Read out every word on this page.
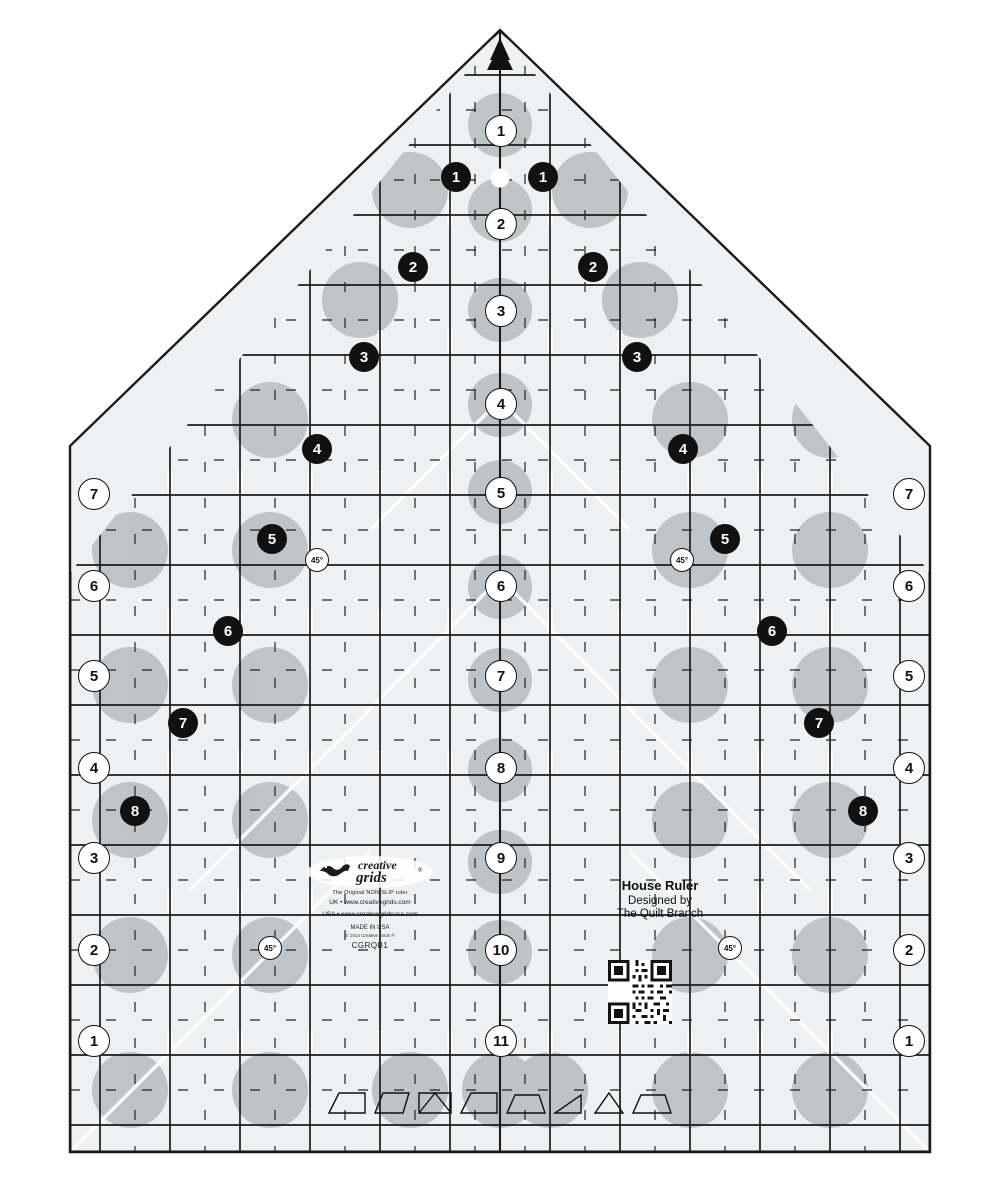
1
2
3
4
5
6
7
8
9
10
11
7
6
5
4
3
2
1
7
6
5
4
3
2
1
1
2
3
4
5
6
7
8
1
2
3
4
5
6
7
8
45°	45°
45°	45°
creative
grids	®
The Original NON-SLIP ruler
UK • www.creativegrids.com
USA • www.creativegridsusa.com
MADE IN USA
© 2014 Creative Grids ®
CGRQB1
House Ruler
Designed by
The Quilt Branch
